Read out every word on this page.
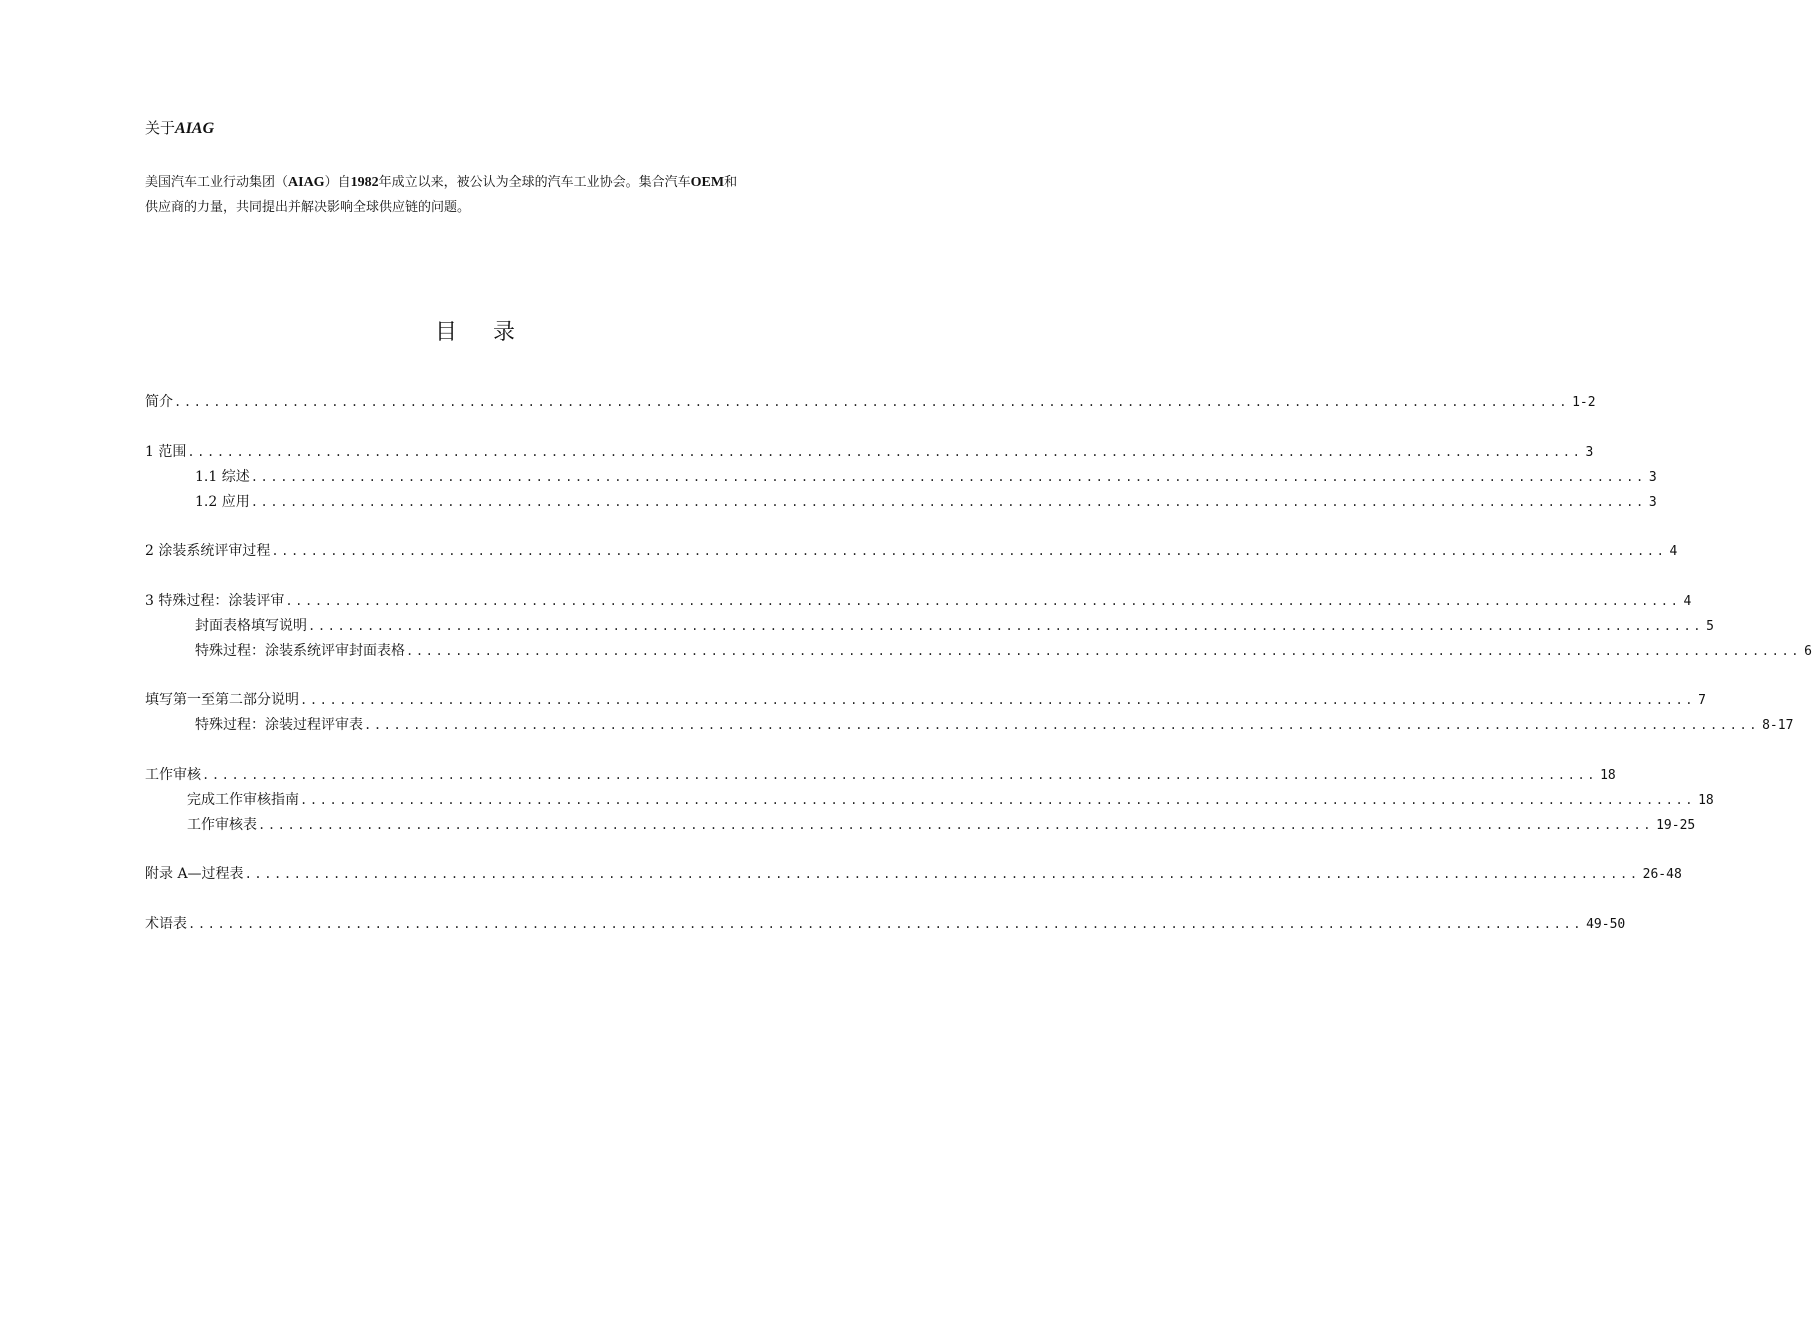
关于AIAG
美国汽车工业行动集团（AIAG）自1982年成立以来，被公认为全球的汽车工业协会。集合汽车OEM和
供应商的力量，共同提出并解决影响全球供应链的问题。
目 录
简介 .............................................................................................................................................. 1-2
1 范围 .............................................................................................................................................. 3
1.1 综述 .............................................................................................................................................. 3
1.2 应用 .............................................................................................................................................. 3
2 涂装系统评审过程 .............................................................................................................................................. 4
3 特殊过程：涂装评审 .............................................................................................................................................. 4
封面表格填写说明 .............................................................................................................................................. 5
特殊过程：涂装系统评审封面表格 .............................................................................................................................................. 6
填写第一至第二部分说明 .............................................................................................................................................. 7
特殊过程：涂装过程评审表 .............................................................................................................................................. 8-17
工作审核 .............................................................................................................................................. 18
完成工作审核指南 .............................................................................................................................................. 18
工作审核表 .............................................................................................................................................. 19-25
附录 A—过程表 .............................................................................................................................................. 26-48
术语表 .............................................................................................................................................. 49-50
